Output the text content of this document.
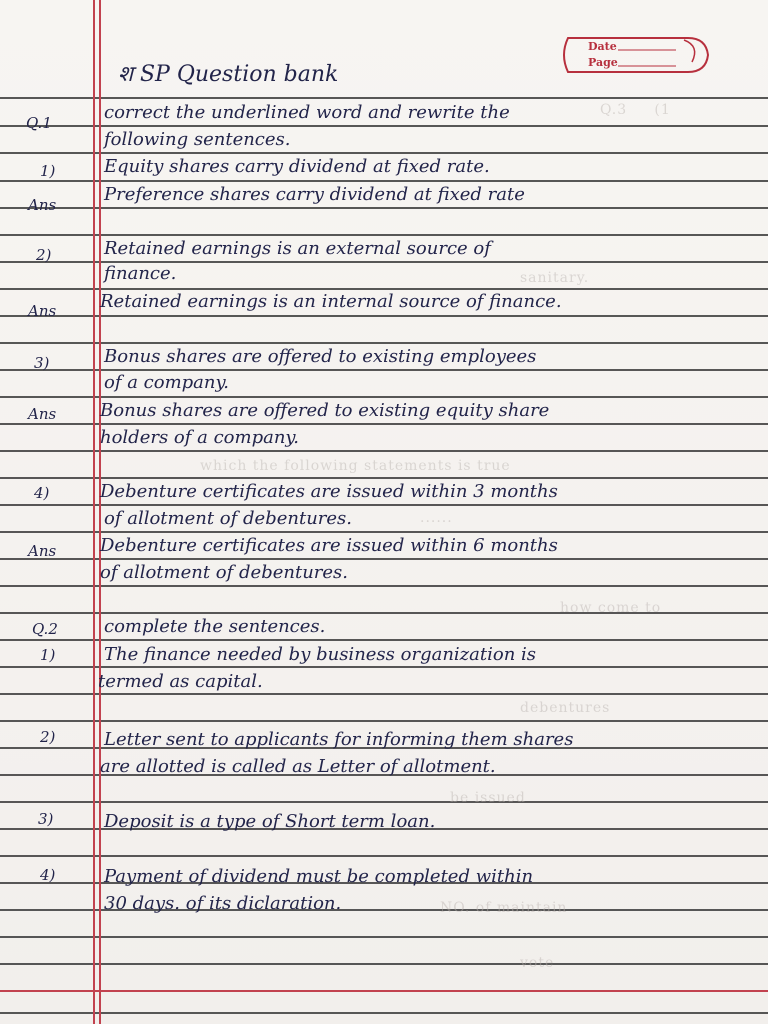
Q.3     (1
sanitary.
which the following statements is true
......
how come to
debentures
be issued
NO. of maintain
vote
Date
Page
श SP Question bank
Q.1	correct the underlined word and rewrite the
following sentences.
1)	Equity shares carry dividend at fixed rate.
Ans	Preference shares carry dividend at fixed rate
2)	Retained earnings is an external source of
finance.
Ans Retained earnings is an internal source of finance.
3)	Bonus shares are offered to existing employees
of a company.
Ans Bonus shares are offered to existing equity share
holders of a company.
4)	Debenture certificates are issued within 3 months
of allotment of debentures.
Ans Debenture certificates are issued within 6 months
of allotment of debentures.
Q.2	complete the sentences.
1)	The finance needed by business organization is
termed as capital.
2)	Letter sent to applicants for informing them shares
are allotted is called as Letter of allotment.
3)	Deposit is a type of Short term loan.
4)	Payment of dividend must be completed within
30 days. of its diclaration.
